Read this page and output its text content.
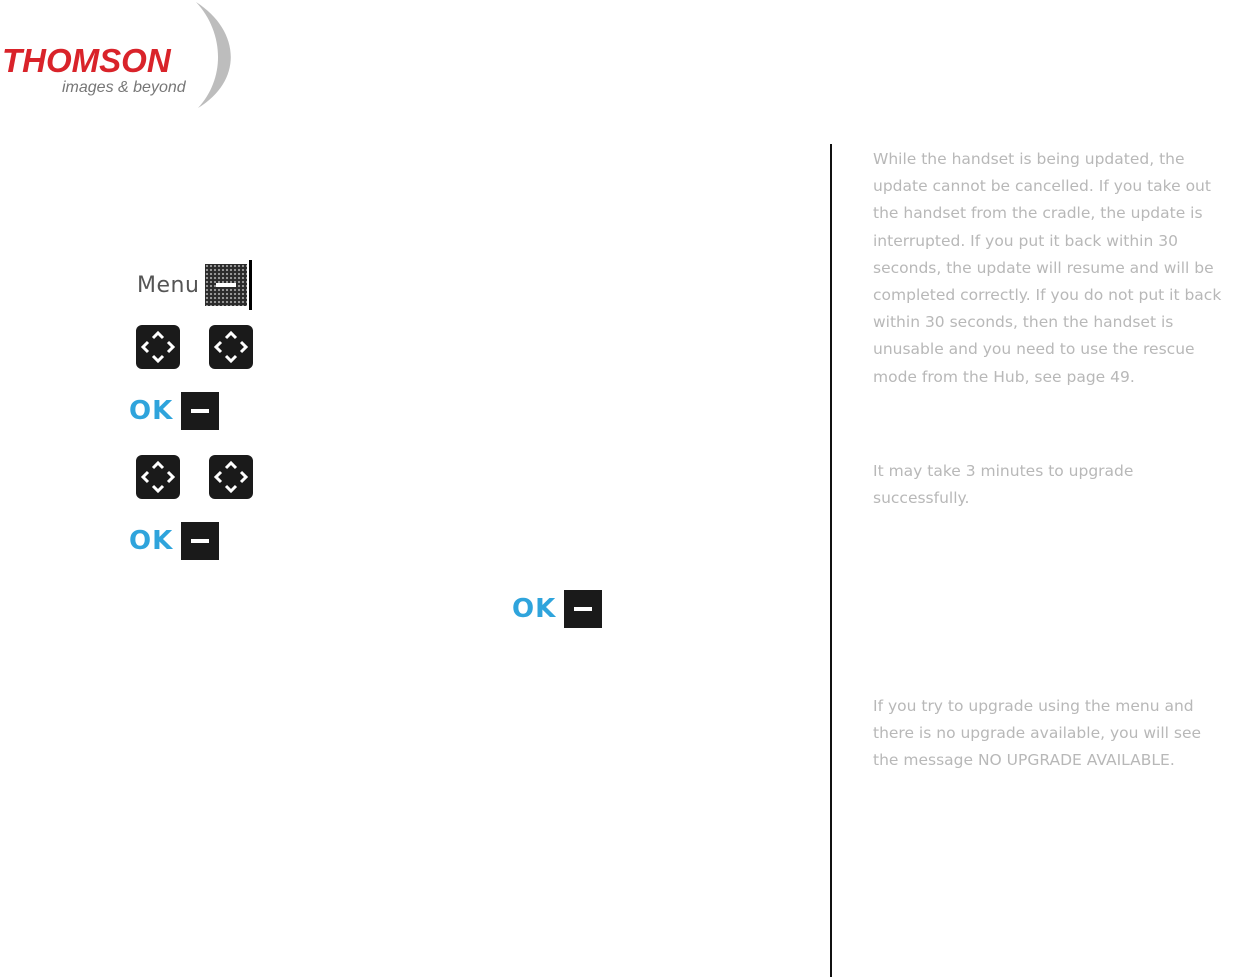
THOMSON
images & beyond
Menu
OK
OK
OK

While the handset is being updated, the update cannot be cancelled. If you take out the handset from the cradle, the update is interrupted. If you put it back within 30 seconds, the update will resume and will be completed correctly. If you do not put it back within 30 seconds, then the handset is unusable and you need to use the rescue mode from the Hub, see page 49.

It may take 3 minutes to upgrade successfully.

If you try to upgrade using the menu and there is no upgrade available, you will see the message NO UPGRADE AVAILABLE.
